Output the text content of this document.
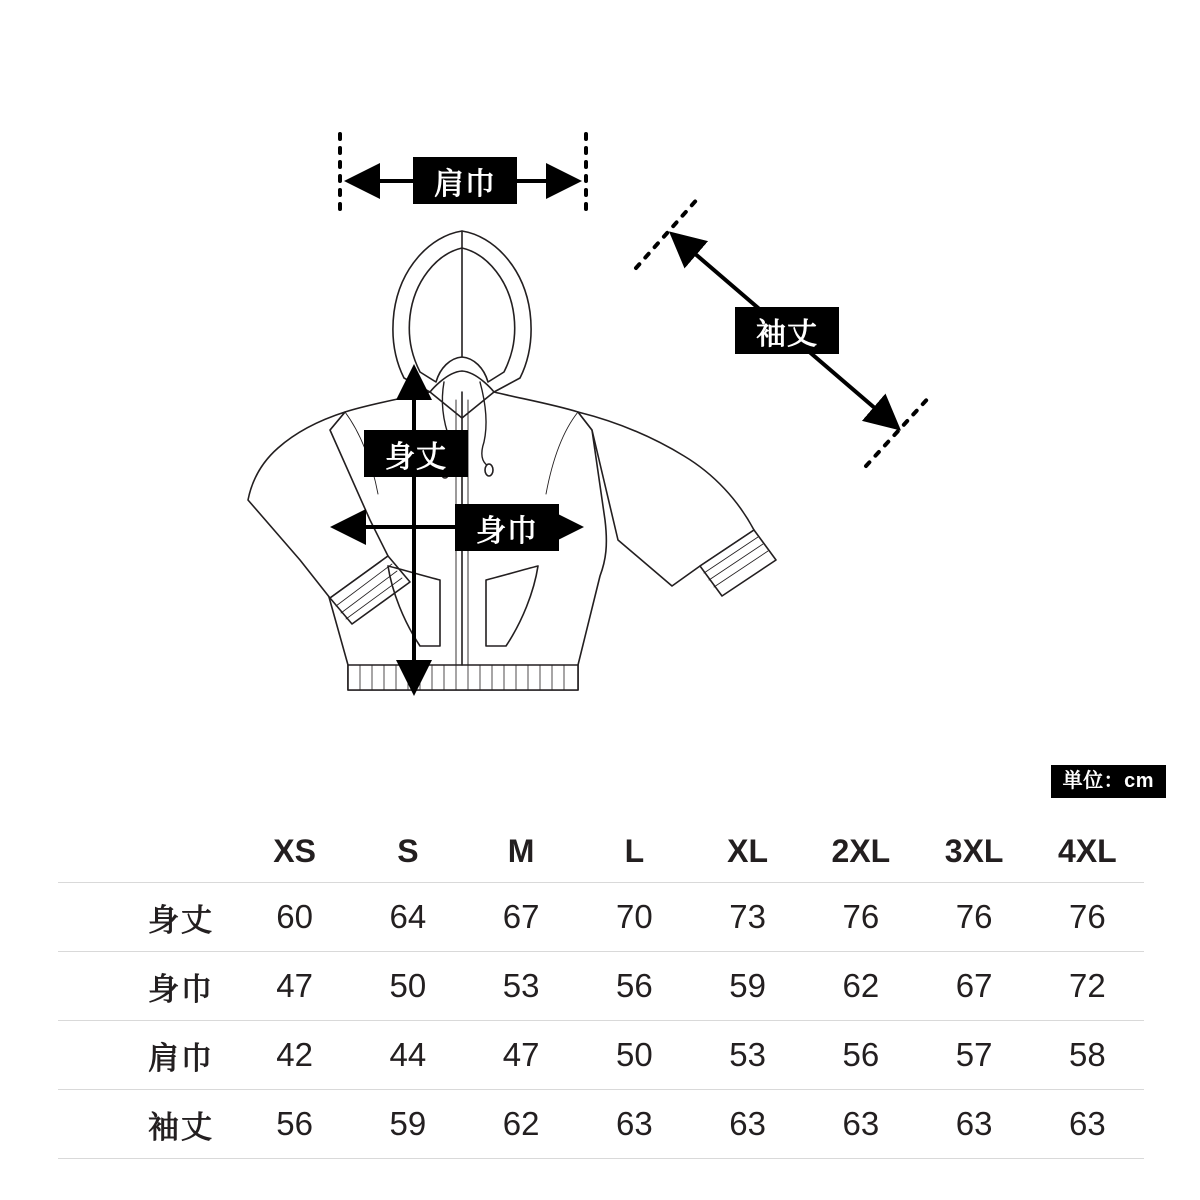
肩巾
袖丈
身丈
身巾
単位：cm
	XS	S	M	L	XL	2XL	3XL	4XL
身丈	60	64	67	70	73	76	76	76
身巾	47	50	53	56	59	62	67	72
肩巾	42	44	47	50	53	56	57	58
袖丈	56	59	62	63	63	63	63	63
